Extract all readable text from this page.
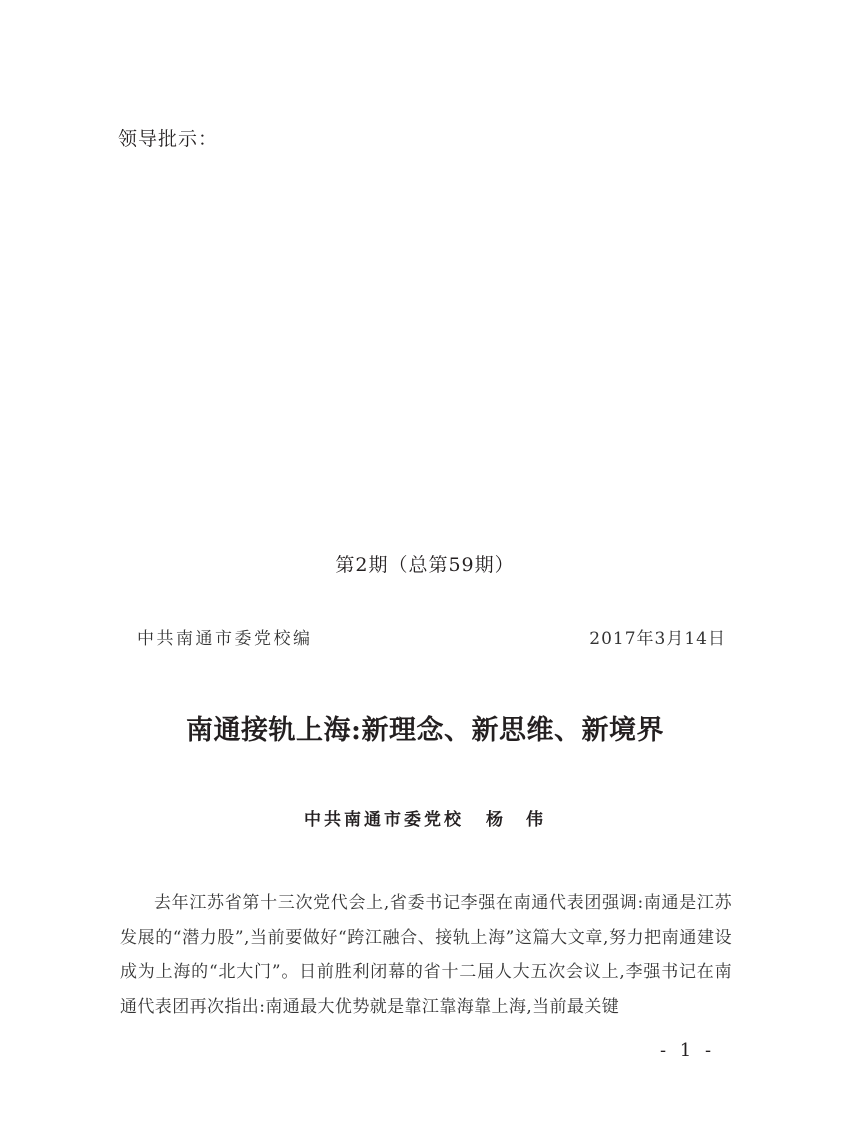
领导批示：
第2期（总第59期）
中共南通市委党校编	2017年3月14日
南通接轨上海:新理念、新思维、新境界
中共南通市委党校 杨　伟
去年江苏省第十三次党代会上,省委书记李强在南通代表团强调:南通是江苏发展的“潜力股”,当前要做好“跨江融合、接轨上海”这篇大文章,努力把南通建设成为上海的“北大门”。日前胜利闭幕的省十二届人大五次会议上,李强书记在南通代表团再次指出:南通最大优势就是靠江靠海靠上海,当前最关键
- 1 -
